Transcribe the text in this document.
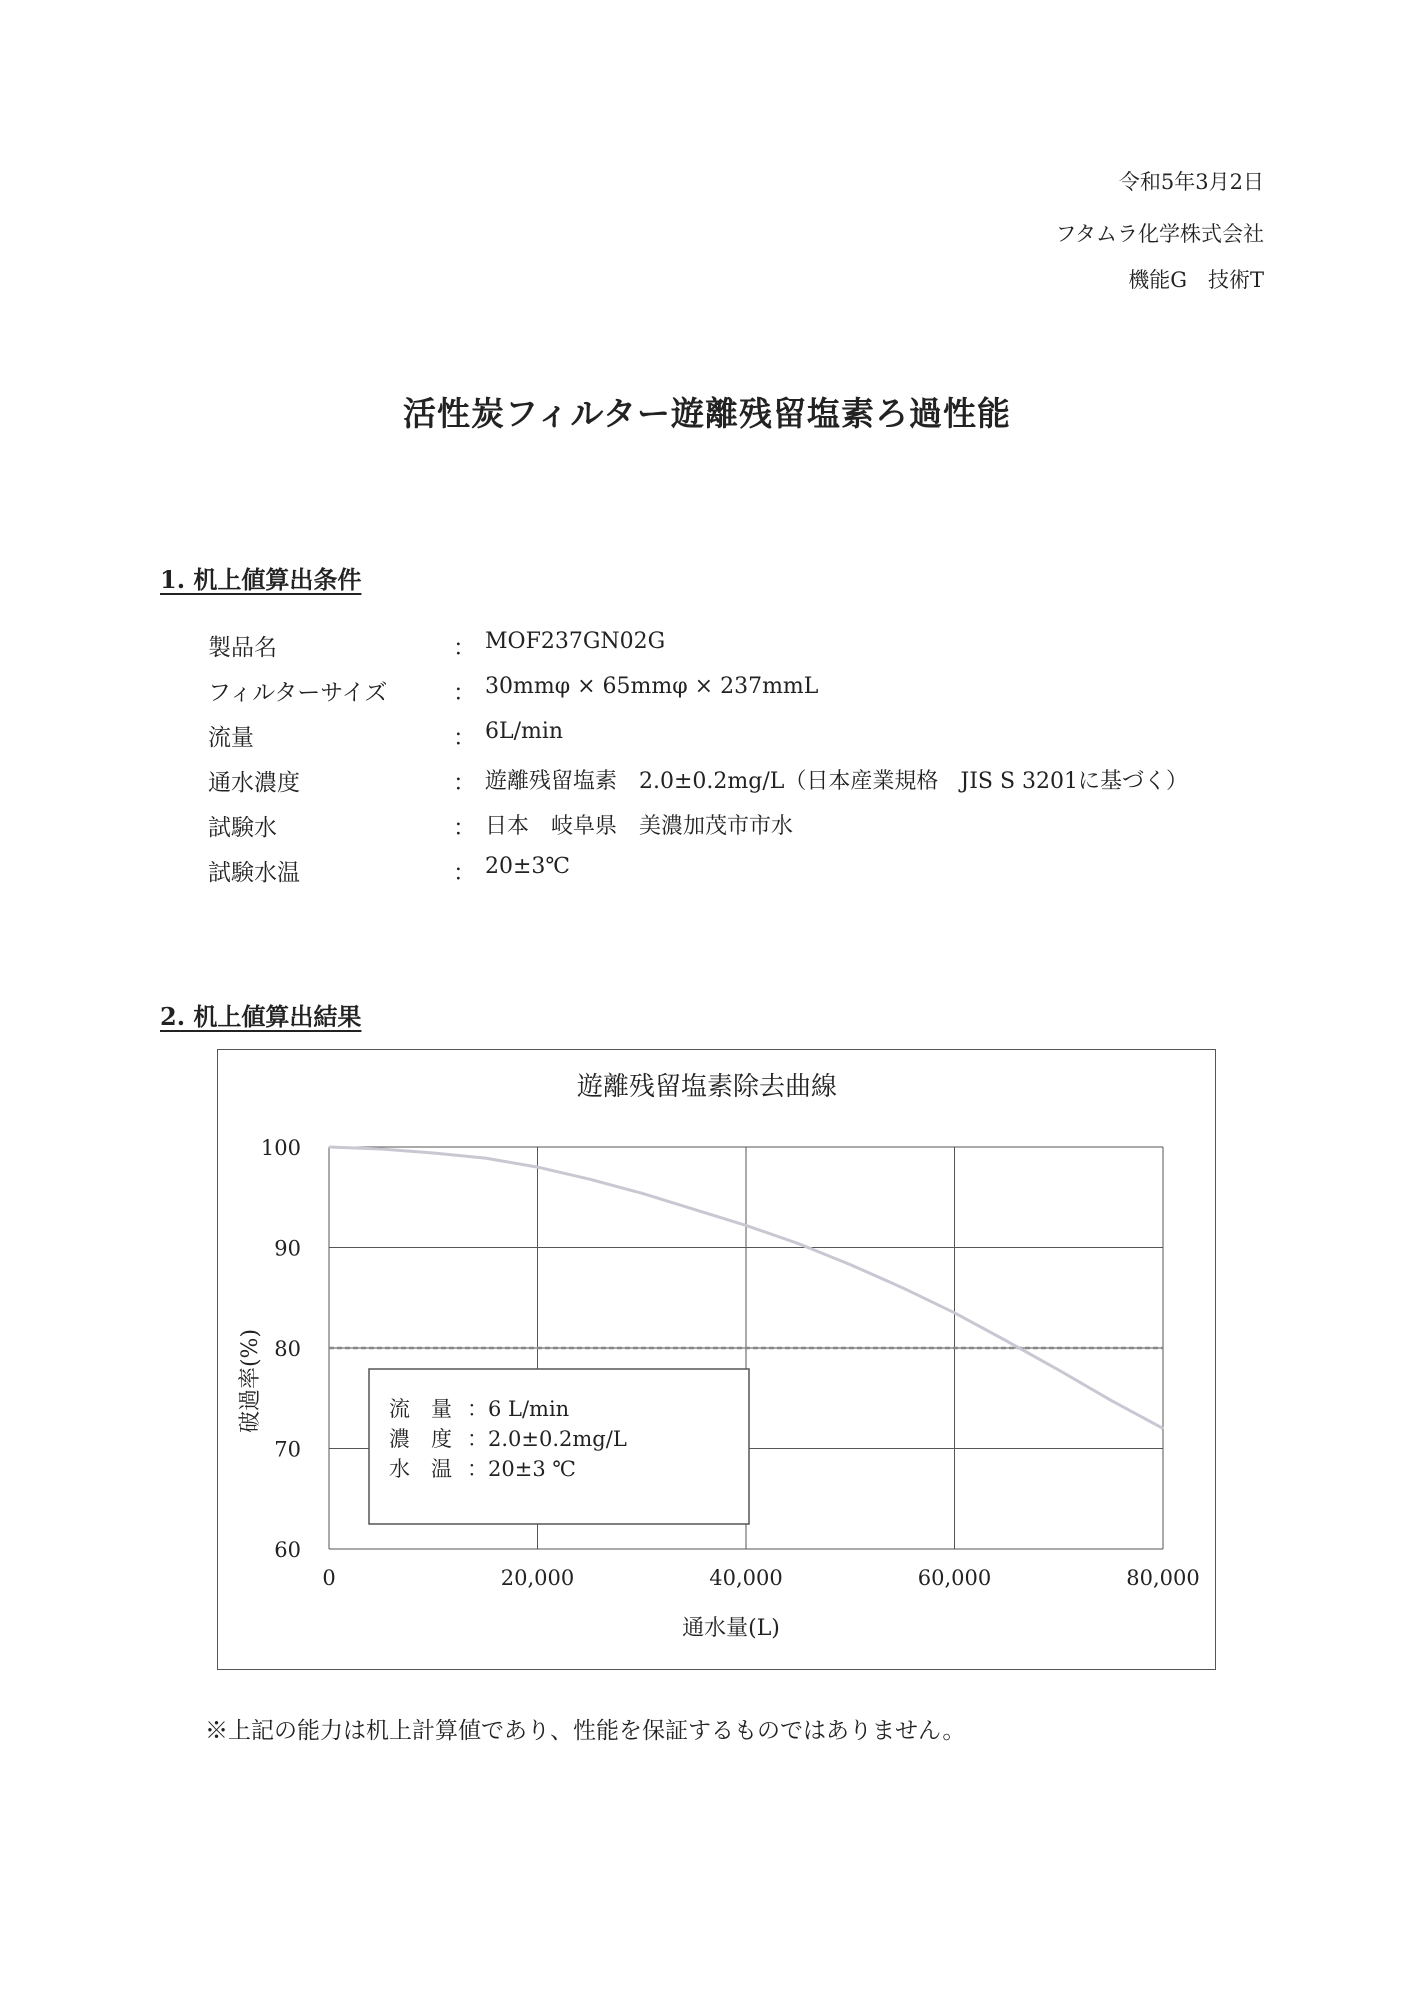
令和5年3月2日
フタムラ化学株式会社
機能G　技術T
活性炭フィルター遊離残留塩素ろ過性能
1. 机上値算出条件
製品名	： MOF237GN02G
フィルターサイズ	： 30mmφ × 65mmφ × 237mmL
流量	： 6L/min
通水濃度	： 遊離残留塩素　2.0±0.2mg/L（日本産業規格　JIS S 3201に基づく）
試験水	： 日本　岐阜県　美濃加茂市市水
試験水温	： 20±3℃
2. 机上値算出結果
遊離残留塩素除去曲線
60
70
80
90
100
0	20,000	40,000	60,000	80,000
流　量 ：6 L/min
濃　度 ：2.0±0.2mg/L
水　温 ：20±3 ℃
通水量(L)
破過率(%)
※上記の能力は机上計算値であり、性能を保証するものではありません。
